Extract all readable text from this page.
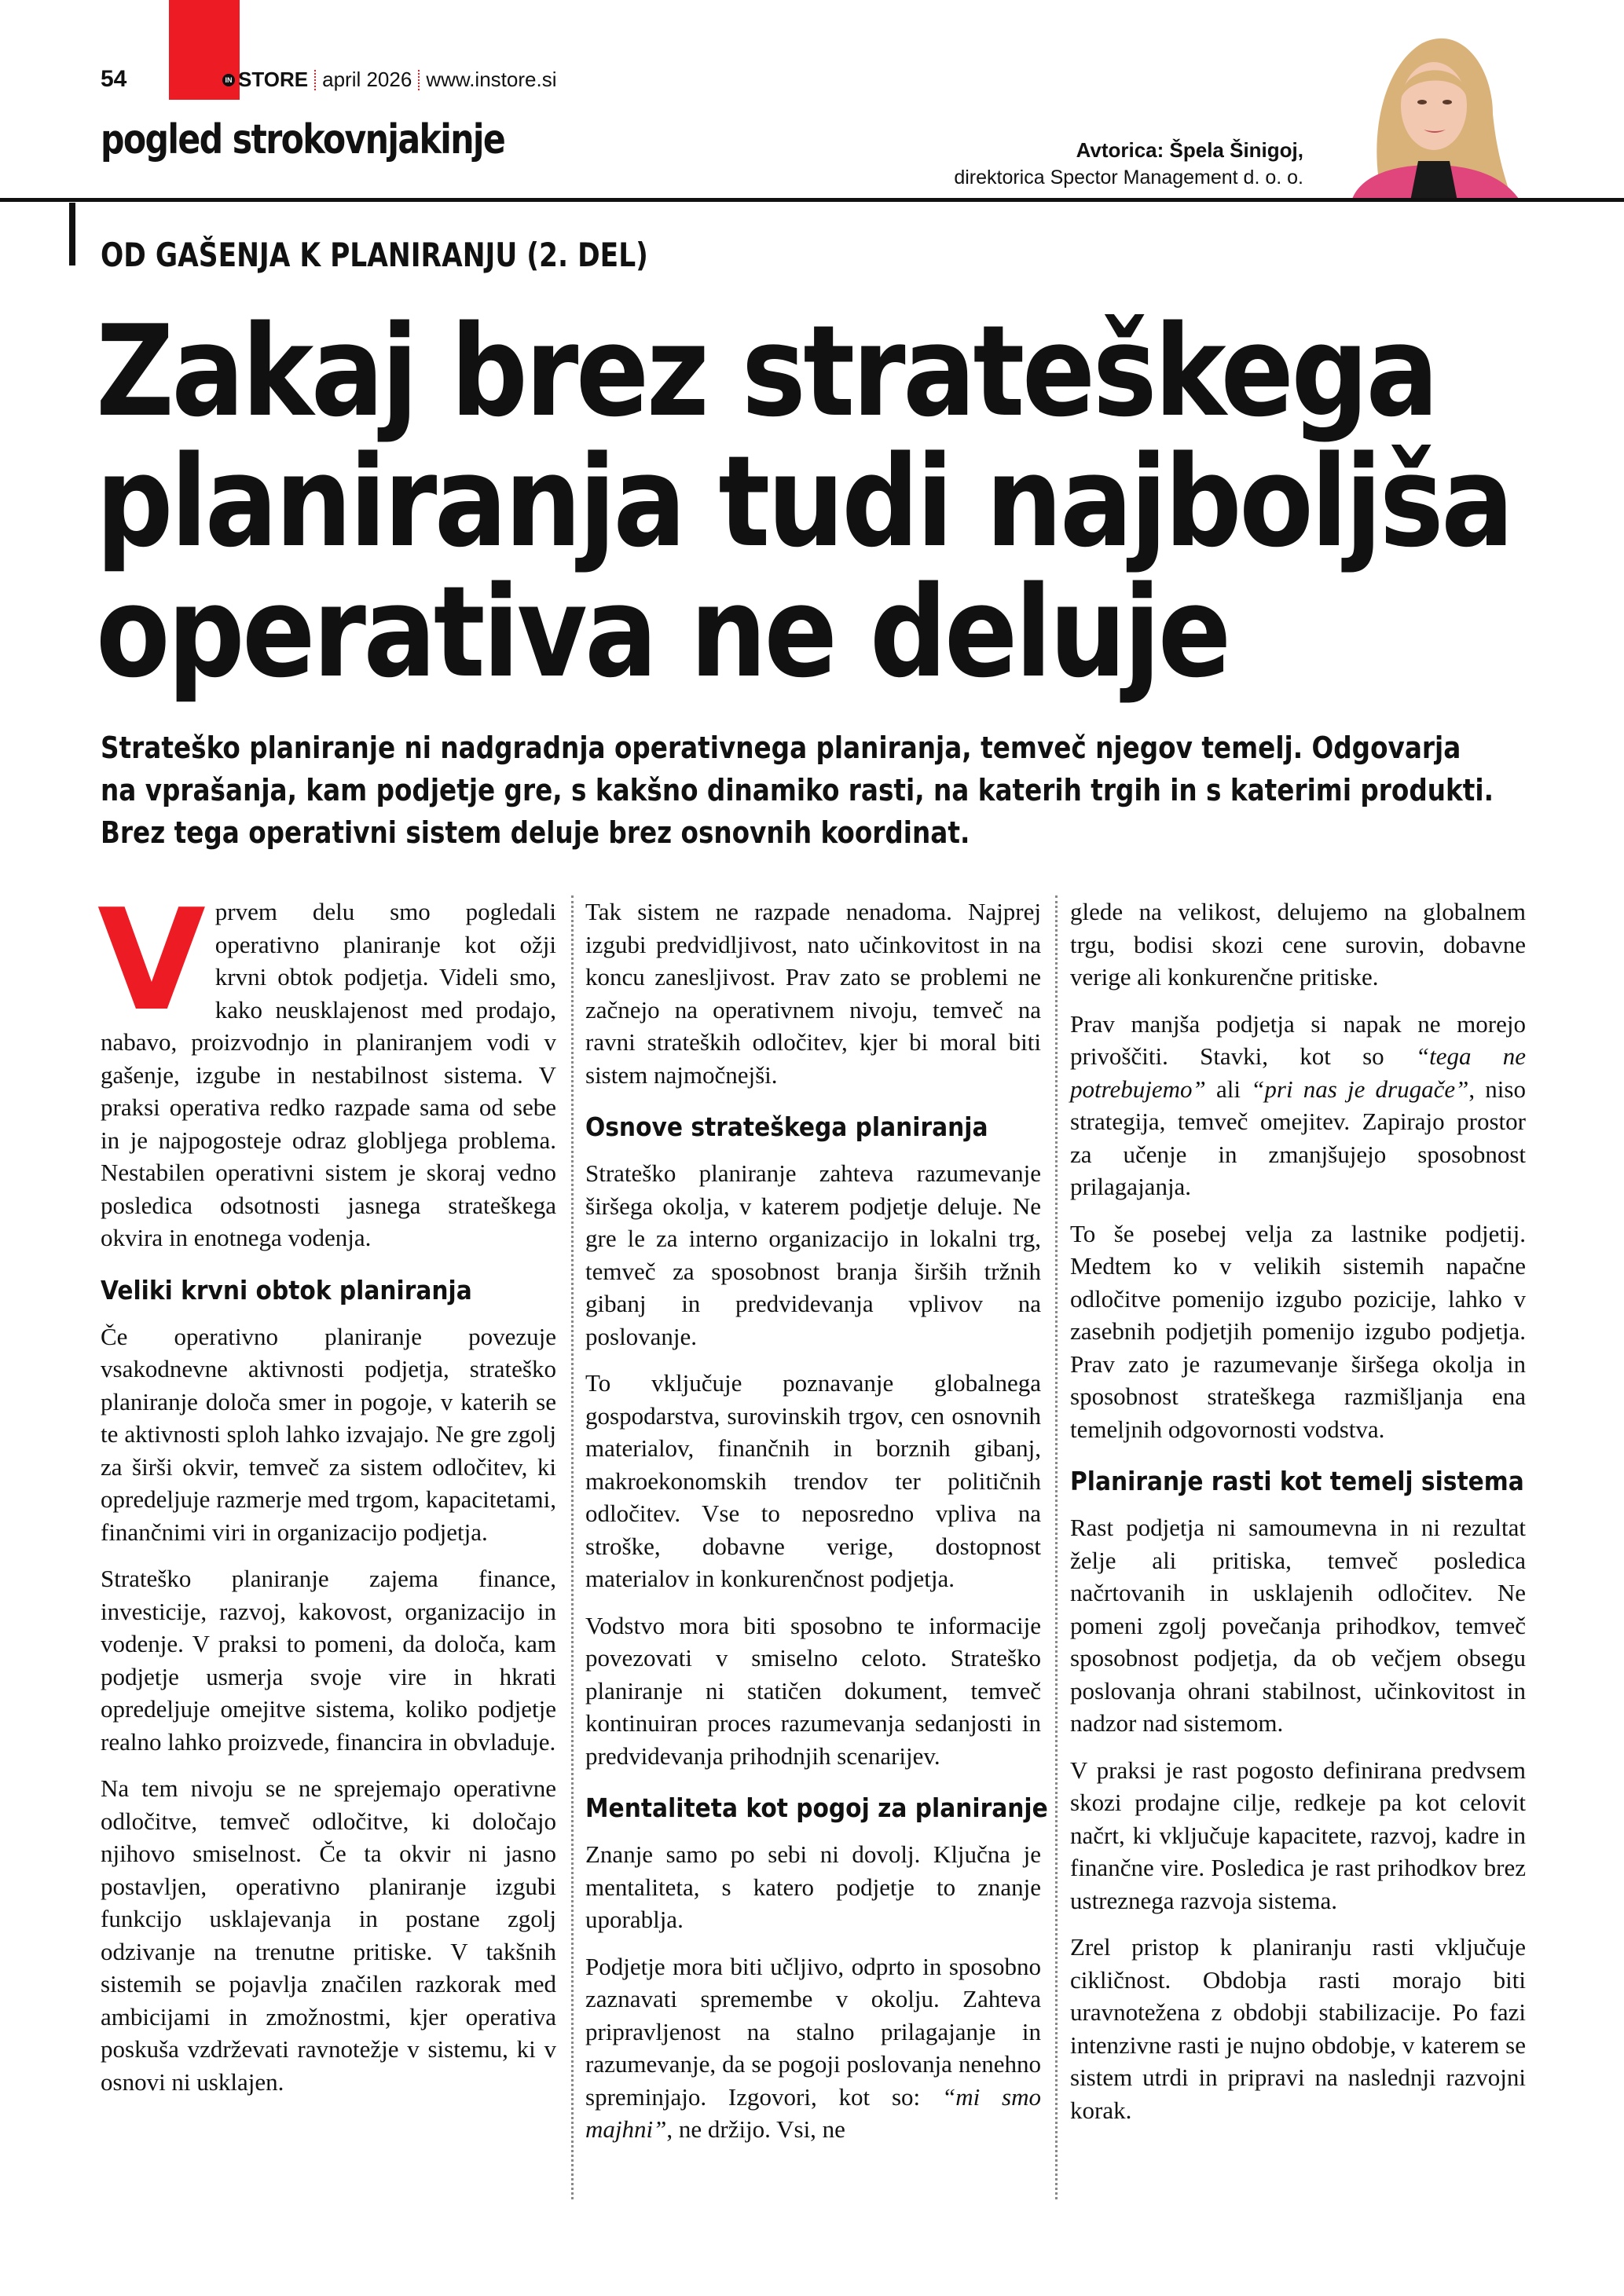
54	IN STORE april 2026 www.instore.si
pogled strokovnjakinje	Avtorica: Špela Šinigoj,
direktorica Spector Management d. o. o.
OD GAŠENJA K PLANIRANJU (2. DEL)
Zakaj brez strateškega
planiranja tudi najboljša
operativa ne deluje
Strateško planiranje ni nadgradnja operativnega planiranja, temveč njegov temelj. Odgovarja
na vprašanja, kam podjetje gre, s kakšno dinamiko rasti, na katerih trgih in s katerimi produkti.
Brez tega operativni sistem deluje brez osnovnih koordinat.

Vprvem delu smo pogledali operativno planiranje kot ožji krvni obtok podjetja. Videli smo, kako neusklajenost med prodajo, nabavo, proizvodnjo in planiranjem vodi v gašenje, izgube in nestabilnost sistema. V praksi operativa redko razpade sama od sebe in je najpogosteje odraz globljega problema. Nestabilen operativni sistem je skoraj vedno posledica odsotnosti jasnega strateškega okvira in enotnega vodenja.

Veliki krvni obtok planiranja

Če operativno planiranje povezuje vsakodnevne aktivnosti podjetja, strateško planiranje določa smer in pogoje, v katerih se te aktivnosti sploh lahko izvajajo. Ne gre zgolj za širši okvir, temveč za sistem odločitev, ki opredeljuje razmerje med trgom, kapacitetami, finančnimi viri in organizacijo podjetja.

Strateško planiranje zajema finance, investicije, razvoj, kakovost, organizacijo in vodenje. V praksi to pomeni, da določa, kam podjetje usmerja svoje vire in hkrati opredeljuje omejitve sistema, koliko podjetje realno lahko proizvede, financira in obvladuje.

Na tem nivoju se ne sprejemajo operativne odločitve, temveč odločitve, ki določajo njihovo smiselnost. Če ta okvir ni jasno postavljen, operativno planiranje izgubi funkcijo usklajevanja in postane zgolj odzivanje na trenutne pritiske. V takšnih sistemih se pojavlja značilen razkorak med ambicijami in zmožnostmi, kjer operativa poskuša vzdrževati ravnotežje v sistemu, ki v osnovi ni usklajen.

Tak sistem ne razpade nenadoma. Najprej izgubi predvidljivost, nato učinkovitost in na koncu zanesljivost. Prav zato se problemi ne začnejo na operativnem nivoju, temveč na ravni strateških odločitev, kjer bi moral biti sistem najmočnejši.

Osnove strateškega planiranja

Strateško planiranje zahteva razumevanje širšega okolja, v katerem podjetje deluje. Ne gre le za interno organizacijo in lokalni trg, temveč za sposobnost branja širših tržnih gibanj in predvidevanja vplivov na poslovanje.

To vključuje poznavanje globalnega gospodarstva, surovinskih trgov, cen osnovnih materialov, finančnih in borznih gibanj, makroekonomskih trendov ter političnih odločitev. Vse to neposredno vpliva na stroške, dobavne verige, dostopnost materialov in konkurenčnost podjetja.

Vodstvo mora biti sposobno te informacije povezovati v smiselno celoto. Strateško planiranje ni statičen dokument, temveč kontinuiran proces razumevanja sedanjosti in predvidevanja prihodnjih scenarijev.

Mentaliteta kot pogoj za planiranje

Znanje samo po sebi ni dovolj. Ključna je mentaliteta, s katero podjetje to znanje uporablja.

Podjetje mora biti učljivo, odprto in sposobno zaznavati spremembe v okolju. Zahteva pripravljenost na stalno prilagajanje in razumevanje, da se pogoji poslovanja nenehno spreminjajo. Izgovori, kot so: “mi smo majhni”, ne držijo. Vsi, ne

glede na velikost, delujemo na globalnem trgu, bodisi skozi cene surovin, dobavne verige ali konkurenčne pritiske.

Prav manjša podjetja si napak ne morejo privoščiti. Stavki, kot so “tega ne potrebujemo” ali “pri nas je drugače”, niso strategija, temveč omejitev. Zapirajo prostor za učenje in zmanjšujejo sposobnost prilagajanja.

To še posebej velja za lastnike podjetij. Medtem ko v velikih sistemih napačne odločitve pomenijo izgubo pozicije, lahko v zasebnih podjetjih pomenijo izgubo podjetja. Prav zato je razumevanje širšega okolja in sposobnost strateškega razmišljanja ena temeljnih odgovornosti vodstva.

Planiranje rasti kot temelj sistema

Rast podjetja ni samoumevna in ni rezultat želje ali pritiska, temveč posledica načrtovanih in usklajenih odločitev. Ne pomeni zgolj povečanja prihodkov, temveč sposobnost podjetja, da ob večjem obsegu poslovanja ohrani stabilnost, učinkovitost in nadzor nad sistemom.

V praksi je rast pogosto definirana predvsem skozi prodajne cilje, redkeje pa kot celovit načrt, ki vključuje kapacitete, razvoj, kadre in finančne vire. Posledica je rast prihodkov brez ustreznega razvoja sistema.

Zrel pristop k planiranju rasti vključuje cikličnost. Obdobja rasti morajo biti uravnotežena z obdobji stabilizacije. Po fazi intenzivne rasti je nujno obdobje, v katerem se sistem utrdi in pripravi na naslednji razvojni korak.
